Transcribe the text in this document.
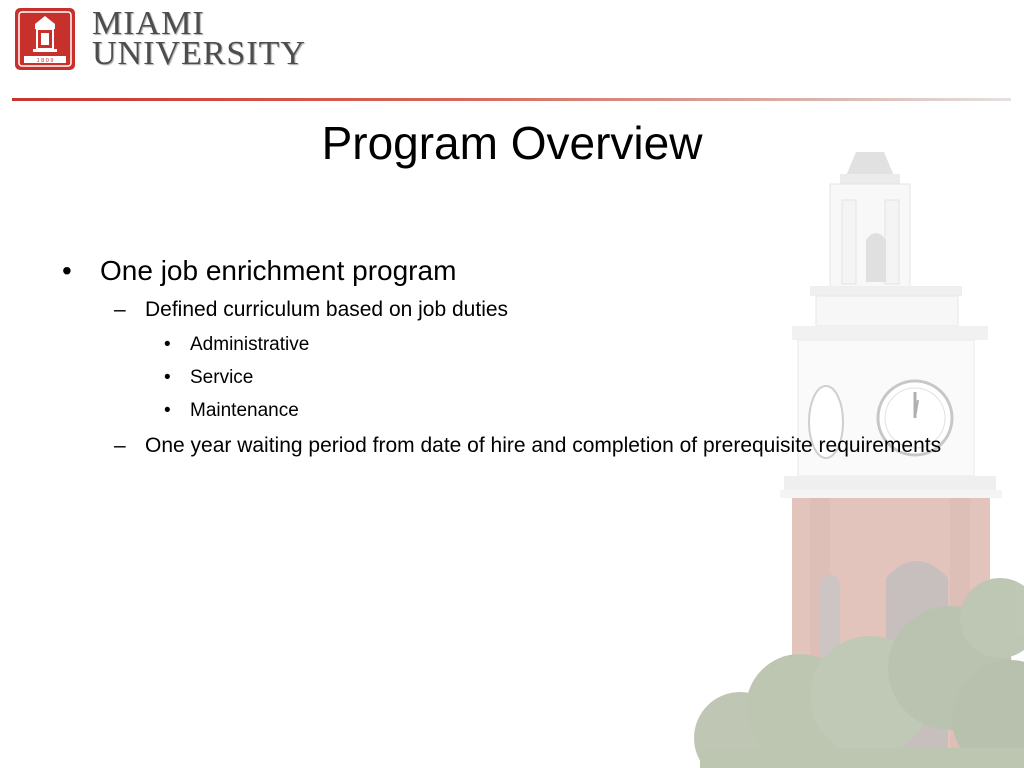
1 8 0 9
MIAMI
UNIVERSITY
Program Overview
• One job enrichment program
– Defined curriculum based on job duties
• Administrative
• Service
• Maintenance
– One year waiting period from date of hire and completion of prerequisite requirements
